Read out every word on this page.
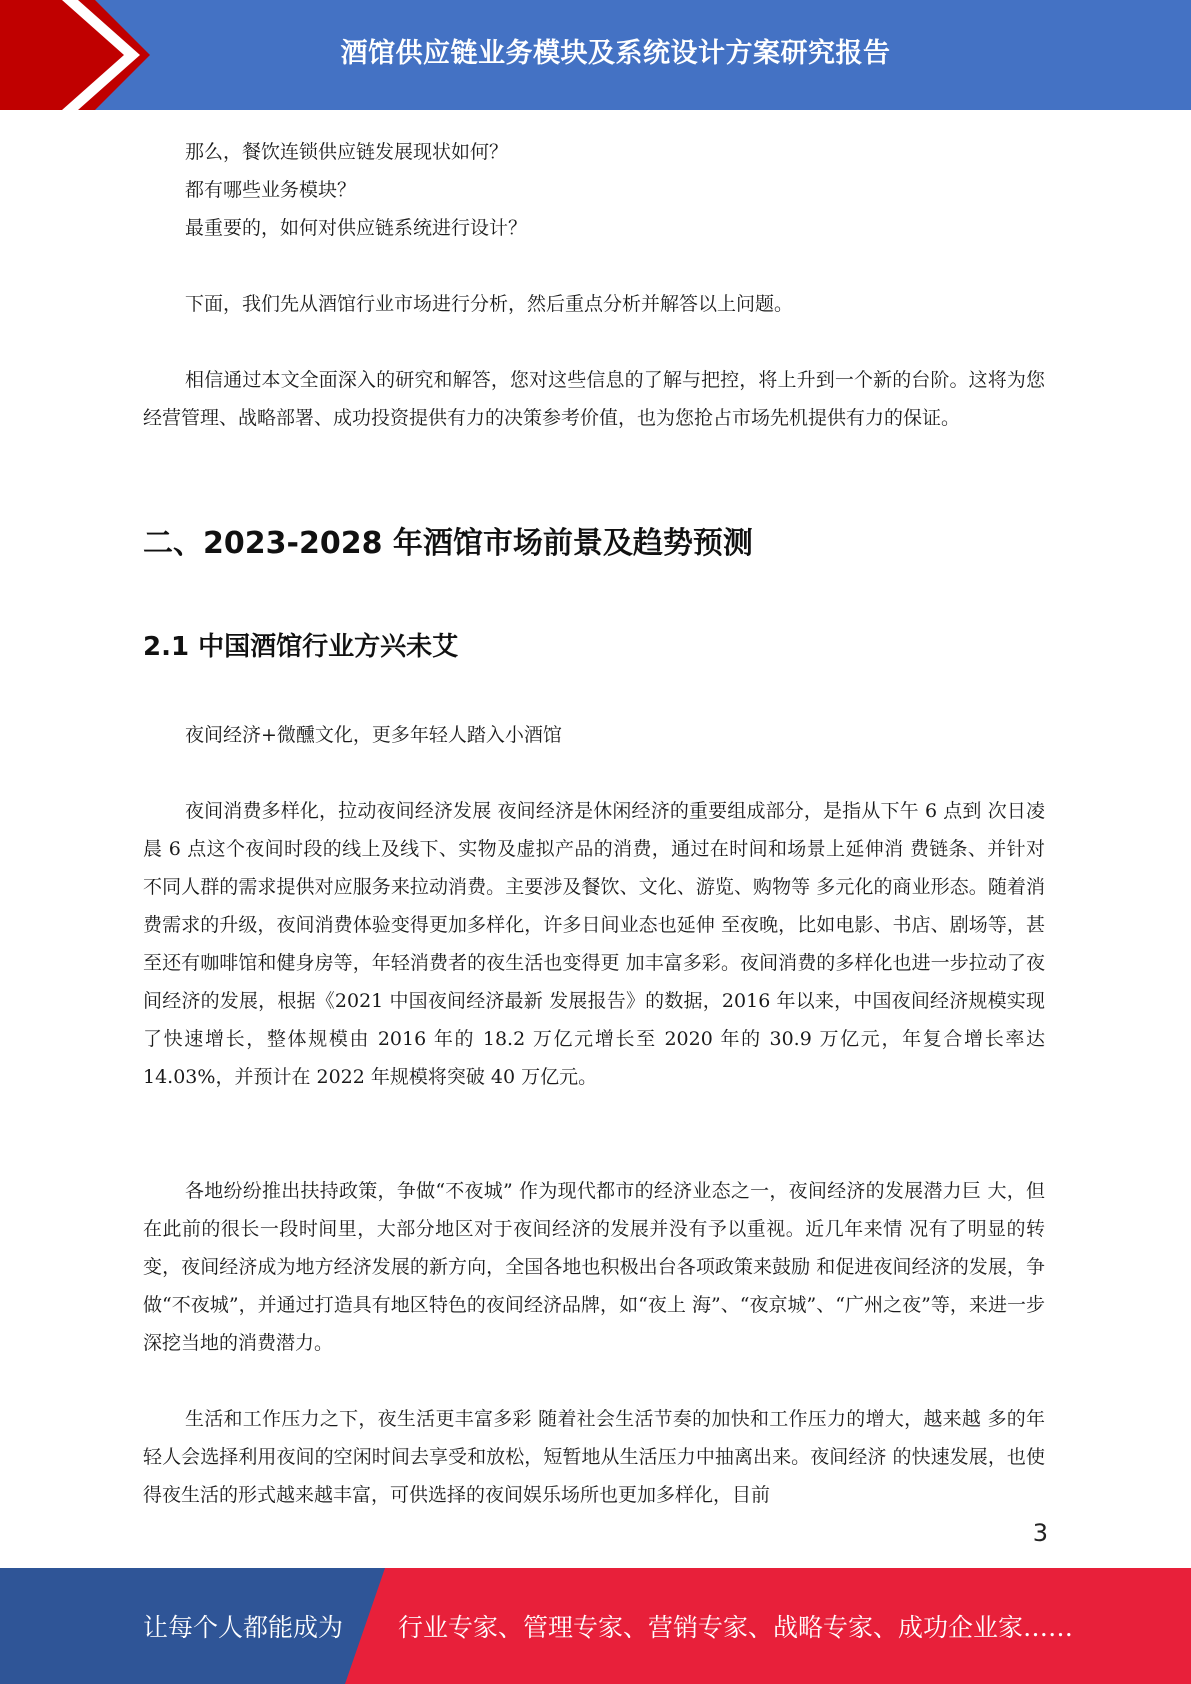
酒馆供应链业务模块及系统设计方案研究报告
那么，餐饮连锁供应链发展现状如何？
都有哪些业务模块？
最重要的，如何对供应链系统进行设计？
下面，我们先从酒馆行业市场进行分析，然后重点分析并解答以上问题。
相信通过本文全面深入的研究和解答，您对这些信息的了解与把控，将上升到一个新的台阶。这将为您经营管理、战略部署、成功投资提供有力的决策参考价值，也为您抢占市场先机提供有力的保证。
二、2023-2028 年酒馆市场前景及趋势预测
2.1 中国酒馆行业方兴未艾
夜间经济+微醺文化，更多年轻人踏入小酒馆
夜间消费多样化，拉动夜间经济发展 夜间经济是休闲经济的重要组成部分，是指从下午 6 点到 次日凌晨 6 点这个夜间时段的线上及线下、实物及虚拟产品的消费，通过在时间和场景上延伸消 费链条、并针对不同人群的需求提供对应服务来拉动消费。主要涉及餐饮、文化、游览、购物等 多元化的商业形态。随着消费需求的升级，夜间消费体验变得更加多样化，许多日间业态也延伸 至夜晚，比如电影、书店、剧场等，甚至还有咖啡馆和健身房等，年轻消费者的夜生活也变得更 加丰富多彩。夜间消费的多样化也进一步拉动了夜间经济的发展，根据《2021 中国夜间经济最新 发展报告》的数据，2016 年以来，中国夜间经济规模实现了快速增长，整体规模由 2016 年的 18.2 万亿元增长至 2020 年的 30.9 万亿元，年复合增长率达 14.03%，并预计在 2022 年规模将突破 40 万亿元。
各地纷纷推出扶持政策，争做“不夜城” 作为现代都市的经济业态之一，夜间经济的发展潜力巨 大，但在此前的很长一段时间里，大部分地区对于夜间经济的发展并没有予以重视。近几年来情 况有了明显的转变，夜间经济成为地方经济发展的新方向，全国各地也积极出台各项政策来鼓励 和促进夜间经济的发展，争做“不夜城”，并通过打造具有地区特色的夜间经济品牌，如“夜上 海”、“夜京城”、“广州之夜”等，来进一步深挖当地的消费潜力。
生活和工作压力之下，夜生活更丰富多彩 随着社会生活节奏的加快和工作压力的增大，越来越 多的年轻人会选择利用夜间的空闲时间去享受和放松，短暂地从生活压力中抽离出来。夜间经济 的快速发展，也使得夜生活的形式越来越丰富，可供选择的夜间娱乐场所也更加多样化，目前
3
让每个人都能成为 行业专家、管理专家、营销专家、战略专家、成功企业家……
